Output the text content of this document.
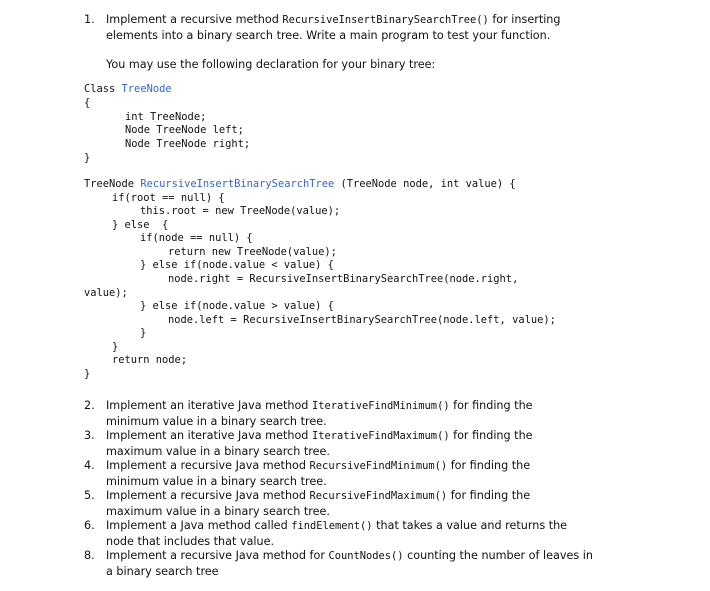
1. Implement a recursive method RecursiveInsertBinarySearchTree() for inserting
elements into a binary search tree. Write a main program to test your function.
You may use the following declaration for your binary tree:
Class TreeNode
{
int TreeNode;
Node TreeNode left;
Node TreeNode right;
}
TreeNode RecursiveInsertBinarySearchTree (TreeNode node, int value) {
if(root == null) {
this.root = new TreeNode(value);
} else  {
if(node == null) {
return new TreeNode(value);
} else if(node.value < value) {
node.right = RecursiveInsertBinarySearchTree(node.right,
value);
} else if(node.value > value) {
node.left = RecursiveInsertBinarySearchTree(node.left, value);
}
}
return node;
}
2. Implement an iterative Java method IterativeFindMinimum() for finding the
minimum value in a binary search tree.
3. Implement an iterative Java method IterativeFindMaximum() for finding the
maximum value in a binary search tree.
4. Implement a recursive Java method RecursiveFindMinimum() for finding the
minimum value in a binary search tree.
5. Implement a recursive Java method RecursiveFindMaximum() for finding the
maximum value in a binary search tree.
6. Implement a Java method called findElement() that takes a value and returns the
node that includes that value.
8. Implement a recursive Java method for CountNodes() counting the number of leaves in
a binary search tree
